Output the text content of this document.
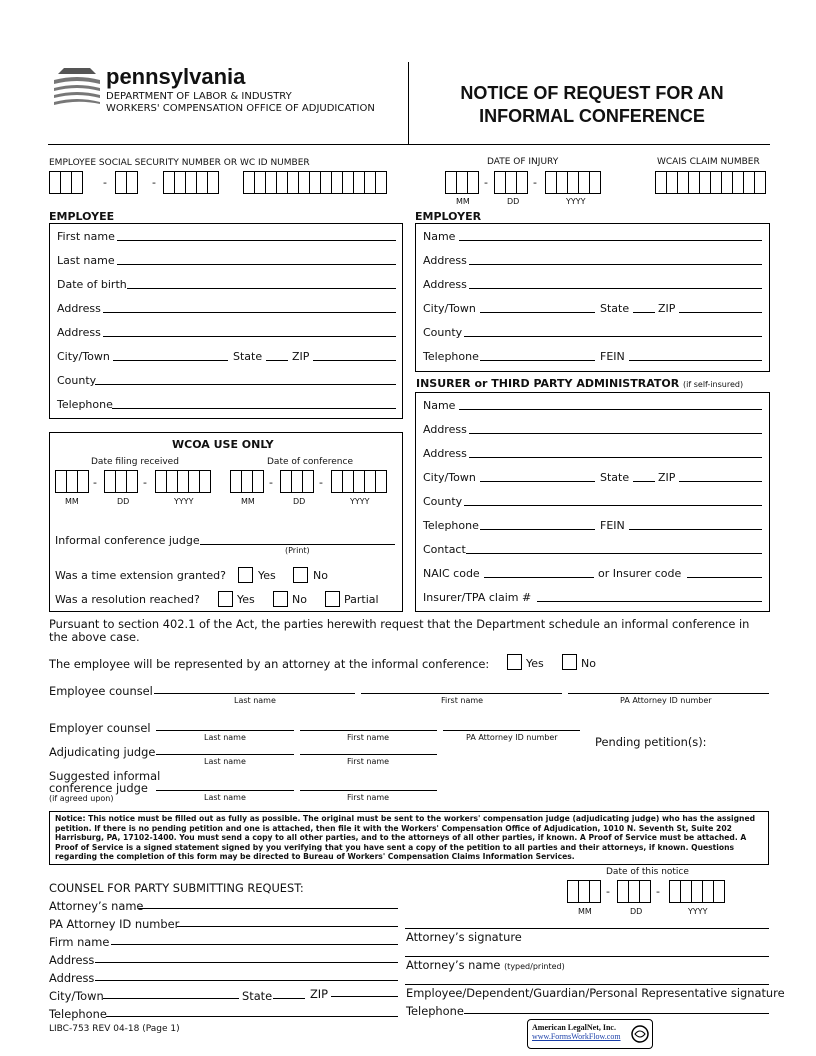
pennsylvania
DEPARTMENT OF LABOR & INDUSTRY
WORKERS' COMPENSATION OFFICE OF ADJUDICATION
NOTICE OF REQUEST FOR AN
INFORMAL CONFERENCE
EMPLOYEE SOCIAL SECURITY NUMBER OR WC ID NUMBER	DATE OF INJURY	WCAIS CLAIM NUMBER
-	-	-	-
MM	DD	YYYY
EMPLOYEE
First name
Last name
Date of birth
Address
Address
City/Town	State	ZIP
County
Telephone
EMPLOYER
Name
Address
Address
City/Town	State	ZIP
County
Telephone	FEIN
INSURER or THIRD PARTY ADMINISTRATOR (if self-insured)
Name
Address
Address
City/Town	State	ZIP
County
Telephone	FEIN
Contact
NAIC code	or Insurer code
Insurer/TPA claim #
WCOA USE ONLY
Date filing received	Date of conference
-	-	-	-
MM	DD	YYYY	MM	DD	YYYY
Informal conference judge
(Print)
Was a time extension granted?	Yes	No
Was a resolution reached?	Yes	No	Partial
Pursuant to section 402.1 of the Act, the parties herewith request that the Department schedule an informal conference in
the above case.
The employee will be represented by an attorney at the informal conference:	Yes	No
Employee counsel
Last name	First name	PA Attorney ID number
Employer counsel
Last name	First name	PA Attorney ID number	Pending petition(s):
Adjudicating judge
Last name	First name
Suggested informal
conference judge
(if agreed upon)	Last name	First name
Notice: This notice must be filled out as fully as possible. The original must be sent to the workers' compensation judge (adjudicating judge) who has the assigned petition. If there is no pending petition and one is attached, then file it with the Workers' Compensation Office of Adjudication, 1010 N. Seventh St, Suite 202 Harrisburg, PA, 17102-1400. You must send a copy to all other parties, and to the attorneys of all other parties, if known. A Proof of Service must be attached. A Proof of Service is a signed statement signed by you verifying that you have sent a copy of the petition to all parties and their attorneys, if known. Questions regarding the completion of this form may be directed to Bureau of Workers' Compensation Claims Information Services.
COUNSEL FOR PARTY SUBMITTING REQUEST:
Date of this notice
-	-
MM	DD	YYYY
Attorney’s name
PA Attorney ID number
Firm name
Address
Address
City/Town	State	ZIP
Telephone
Attorney’s signature
Attorney’s name (typed/printed)
Employee/Dependent/Guardian/Personal Representative signature
Telephone
LIBC-753 REV 04-18 (Page 1)	American LegalNet, Inc.
www.FormsWorkFlow.com
